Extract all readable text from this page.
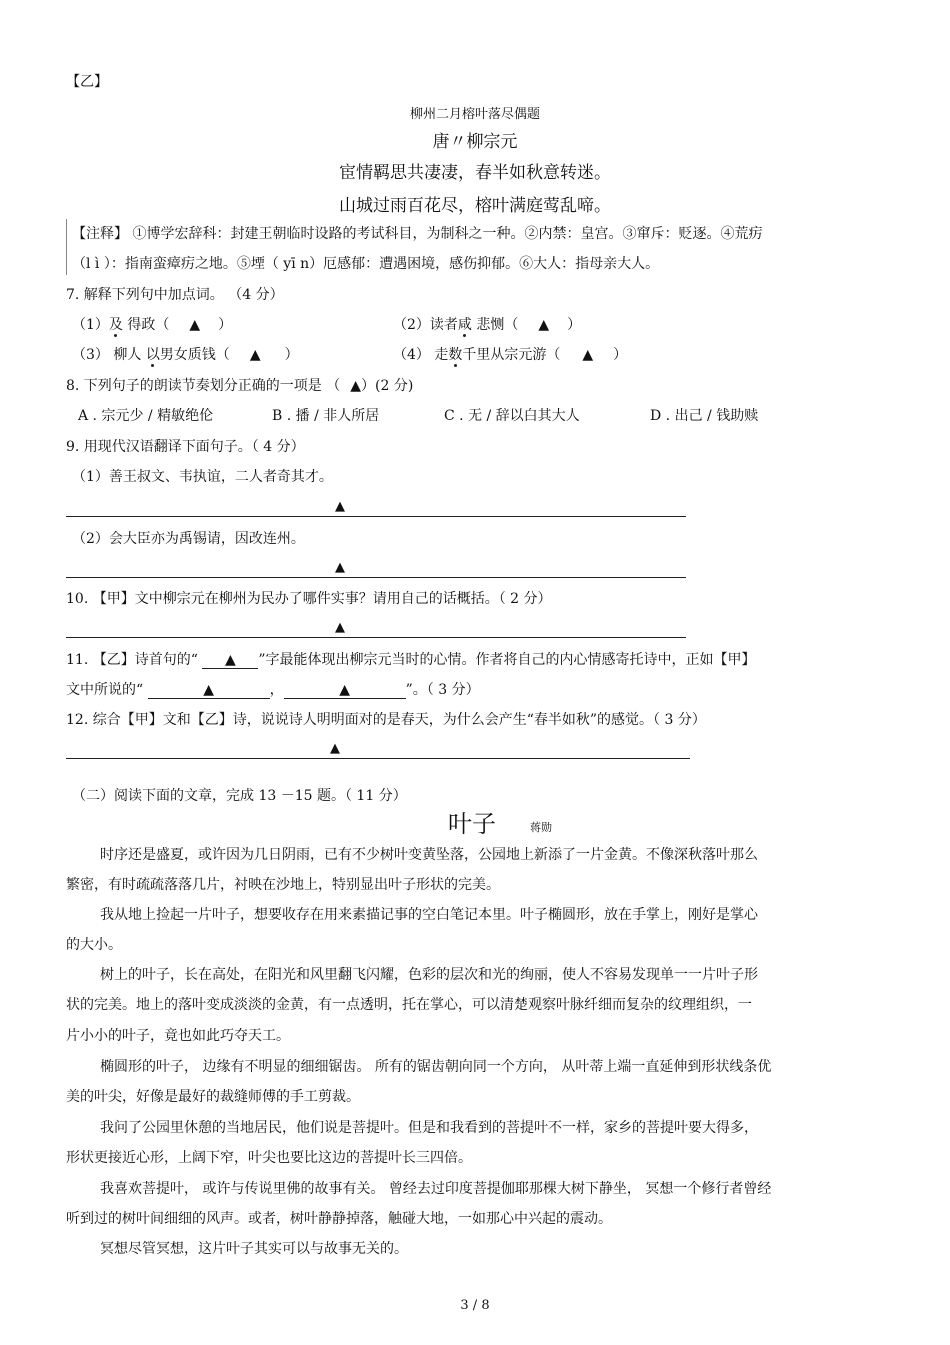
【乙】
柳州二月榕叶落尽偶题
唐〃柳宗元
宦情羁思共凄凄，春半如秋意转迷。
山城过雨百花尽，榕叶满庭莺乱啼。
【注释】 ①博学宏辞科：封建王朝临时设路的考试科目，为制科之一种。②内禁：皇宫。③窜斥：贬逐。④荒疠
（l ì ）：指南蛮瘴疠之地。⑤堙（ yī n）厄感郁：遭遇困境，感伤抑郁。⑥大人：指母亲大人。
7. 解释下列句中加点词。 （4 分）
（1）及 得政（ ▲ ）	（2）读者咸 悲恻（ ▲ ）
（3） 柳人 以男女质钱（ ▲ ）	（4） 走数千里从宗元游（ ▲ ）
8. 下列句子的朗读节奏划分正确的一项是 （ ▲）(2 分)
A . 宗元少 / 精敏绝伦	B . 播 / 非人所居	C . 无 / 辞以白其大人	D . 出己 / 钱助赎
9. 用现代汉语翻译下面句子。（ 4 分）
（1）善王叔文、韦执谊，二人者奇其才。
▲
（2）会大臣亦为禹锡请，因改连州。
▲
10. 【甲】文中柳宗元在柳州为民办了哪件实事？请用自己的话概括。（ 2 分）
▲
11. 【乙】诗首句的“ ▲ ”字最能体现出柳宗元当时的心情。作者将自己的内心情感寄托诗中，正如【甲】
文中所说的“	▲	，	▲	”。（ 3 分）
12. 综合【甲】文和【乙】诗，说说诗人明明面对的是春天，为什么会产生“春半如秋”的感觉。（ 3 分）
▲
（二）阅读下面的文章，完成 13 －15 题。（ 11 分）
叶子	蒋勋
时序还是盛夏，或许因为几日阴雨，已有不少树叶变黄坠落，公园地上新添了一片金黄。不像深秋落叶那么
繁密，有时疏疏落落几片，衬映在沙地上，特别显出叶子形状的完美。
我从地上捡起一片叶子，想要收存在用来素描记事的空白笔记本里。叶子椭圆形，放在手掌上，刚好是掌心
的大小。
树上的叶子，长在高处，在阳光和风里翻飞闪耀，色彩的层次和光的绚丽，使人不容易发现单一一片叶子形
状的完美。地上的落叶变成淡淡的金黄，有一点透明，托在掌心，可以清楚观察叶脉纤细而复杂的纹理组织，一
片小小的叶子，竟也如此巧夺天工。
椭圆形的叶子， 边缘有不明显的细细锯齿。 所有的锯齿朝向同一个方向， 从叶蒂上端一直延伸到形状线条优
美的叶尖，好像是最好的裁缝师傅的手工剪裁。
我问了公园里休憩的当地居民，他们说是菩提叶。但是和我看到的菩提叶不一样，家乡的菩提叶要大得多，
形状更接近心形，上阔下窄，叶尖也要比这边的菩提叶长三四倍。
我喜欢菩提叶， 或许与传说里佛的故事有关。 曾经去过印度菩提伽耶那棵大树下静坐， 冥想一个修行者曾经
听到过的树叶间细细的风声。或者，树叶静静掉落，触碰大地，一如那心中兴起的震动。
冥想尽管冥想，这片叶子其实可以与故事无关的。
3 / 8
